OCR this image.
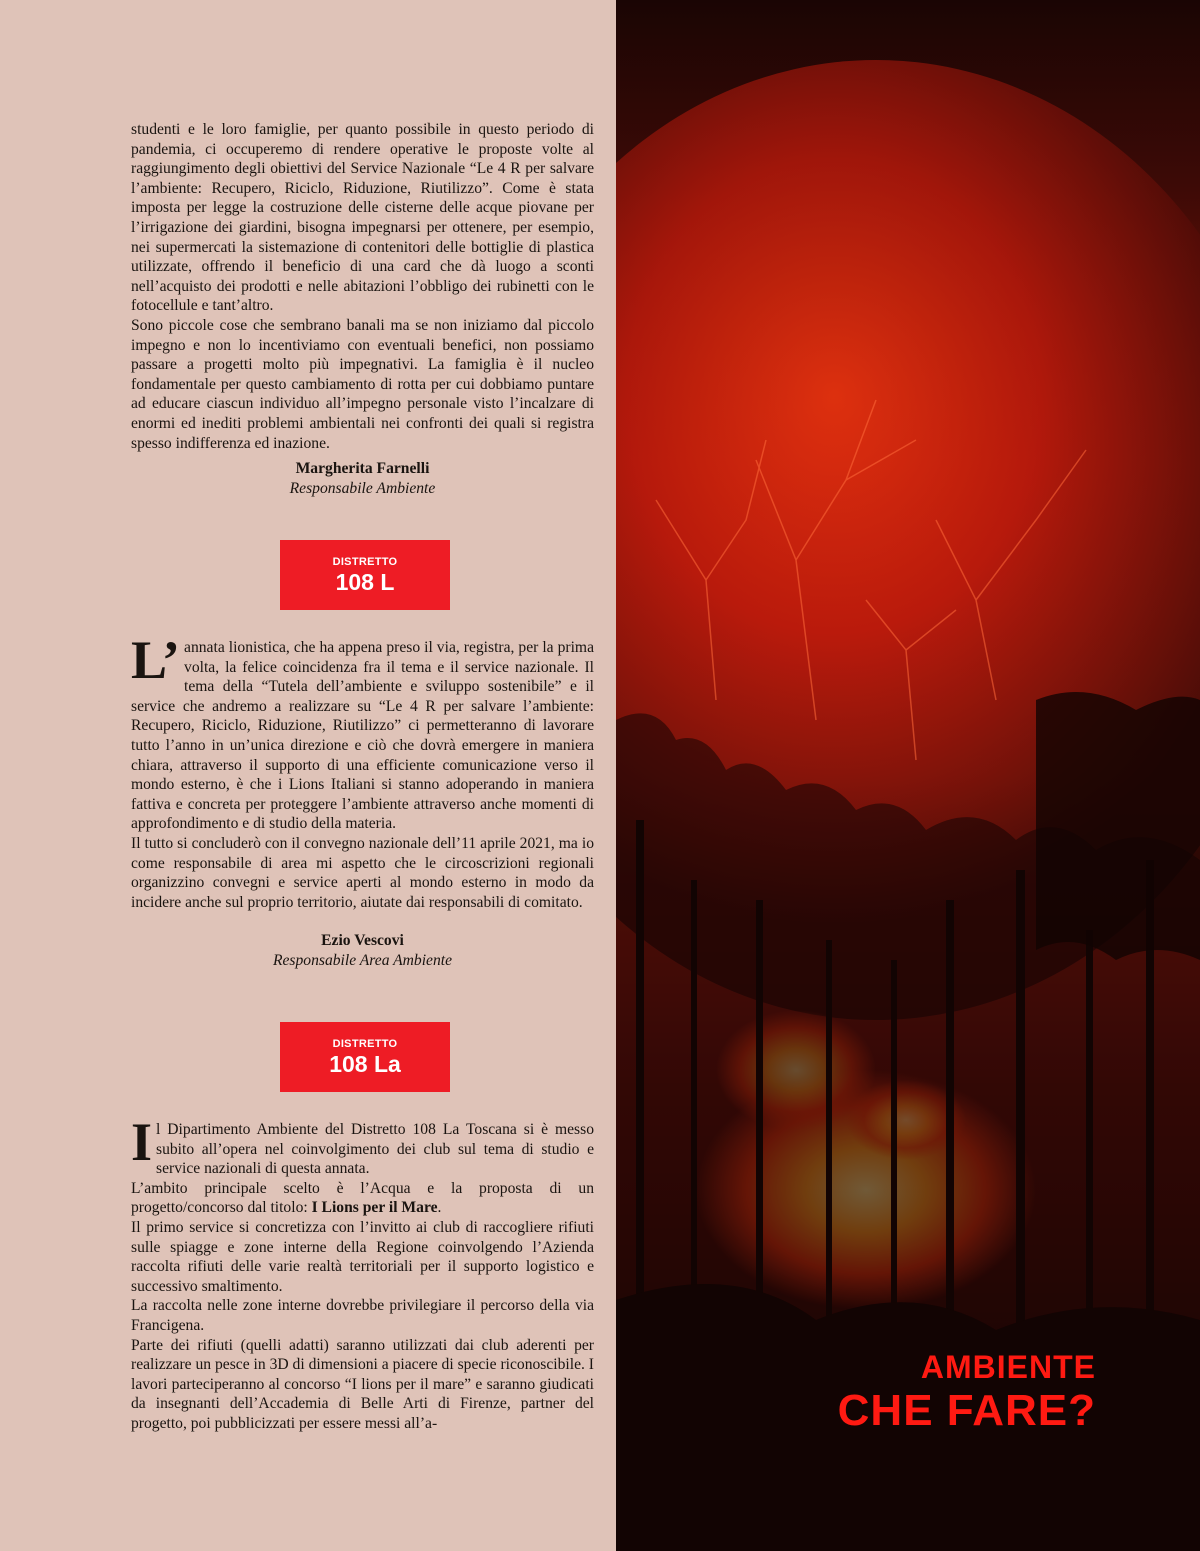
studenti e le loro famiglie, per quanto possibile in questo periodo di pandemia, ci occuperemo di rendere operative le proposte volte al raggiungimento degli obiettivi del Service Nazionale “Le 4 R per salvare l’ambiente: Recupero, Riciclo, Riduzione, Riutilizzo”. Come è stata imposta per legge la costruzione delle cisterne delle acque piovane per l’irrigazione dei giardini, bisogna impegnarsi per ottenere, per esempio, nei supermercati la sistemazione di contenitori delle bottiglie di plastica utilizzate, offrendo il beneficio di una card che dà luogo a sconti nell’acquisto dei prodotti e nelle abitazioni l’obbligo dei rubinetti con le fotocellule e tant’altro.

Sono piccole cose che sembrano banali ma se non iniziamo dal piccolo impegno e non lo incentiviamo con eventuali benefici, non possiamo passare a progetti molto più impegnativi. La famiglia è il nucleo fondamentale per questo cambiamento di rotta per cui dobbiamo puntare ad educare ciascun individuo all’impegno personale visto l’incalzare di enormi ed inediti problemi ambientali nei confronti dei quali si registra spesso indifferenza ed inazione.

Margherita Farnelli
Responsabile Ambiente
DISTRETTO
108 L

L’ annata lionistica, che ha appena preso il via, registra, per la prima volta, la felice coincidenza fra il tema e il service nazionale. Il tema della “Tutela dell’ambiente e sviluppo sostenibile” e il service che andremo a realizzare su “Le 4 R per salvare l’ambiente: Recupero, Riciclo, Riduzione, Riutilizzo” ci permetteranno di lavorare tutto l’anno in un’unica direzione e ciò che dovrà emergere in maniera chiara, attraverso il supporto di una efficiente comunicazione verso il mondo esterno, è che i Lions Italiani si stanno adoperando in maniera fattiva e concreta per proteggere l’ambiente attraverso anche momenti di approfondimento e di studio della materia.

Il tutto si concluderò con il convegno nazionale dell’11 aprile 2021, ma io come responsabile di area mi aspetto che le circoscrizioni regionali organizzino convegni e service aperti al mondo esterno in modo da incidere anche sul proprio territorio, aiutate dai responsabili di comitato.

Ezio Vescovi
Responsabile Area Ambiente
DISTRETTO
108 La

Il Dipartimento Ambiente del Distretto 108 La Toscana si è messo subito all’opera nel coinvolgimento dei club sul tema di studio e service nazionali di questa annata.

L’ambito principale scelto è l’Acqua e la proposta di un progetto/concorso dal titolo: I Lions per il Mare.

Il primo service si concretizza con l’invitto ai club di raccogliere rifiuti sulle spiagge e zone interne della Regione coinvolgendo l’Azienda raccolta rifiuti delle varie realtà territoriali per il supporto logistico e successivo smaltimento.

La raccolta nelle zone interne dovrebbe privilegiare il percorso della via Francigena.

Parte dei rifiuti (quelli adatti) saranno utilizzati dai club aderenti per realizzare un pesce in 3D di dimensioni a piacere di specie riconoscibile. I lavori parteciperanno al concorso “I lions per il mare” e saranno giudicati da insegnanti dell’Accademia di Belle Arti di Firenze, partner del progetto, poi pubblicizzati per essere messi all’a-

AMBIENTE
CHE FARE?
